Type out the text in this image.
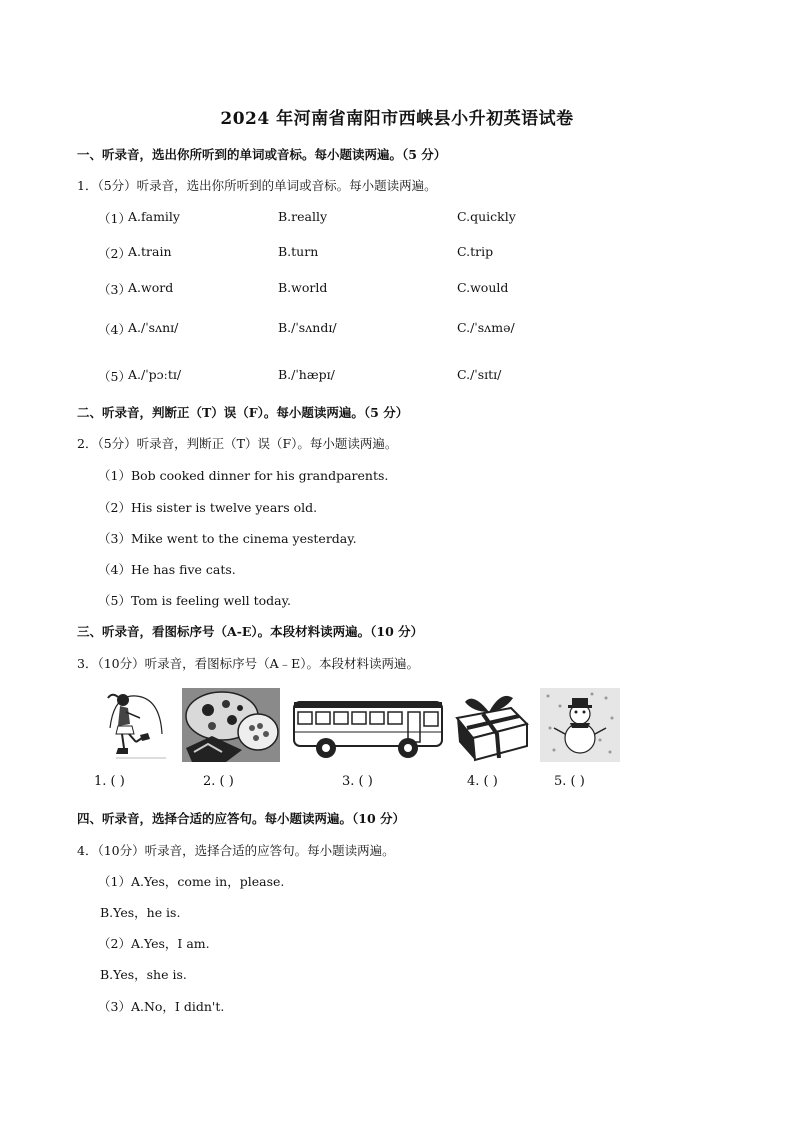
2024 年河南省南阳市西峡县小升初英语试卷
一、听录音，选出你所听到的单词或音标。每小题读两遍。（5 分）
1．（5分）听录音，选出你所听到的单词或音标。每小题读两遍。
（1）
A.family	B.really	C.quickly
（2）
A.train	B.turn	C.trip
（3）
A.word	B.world	C.would
（4）
A./ˈsʌnɪ/	B./ˈsʌndɪ/	C./ˈsʌmə/
（5）
A./ˈpɔːtɪ/	B./ˈhæpɪ/	C./ˈsɪtɪ/
二、听录音，判断正（T）误（F）。每小题读两遍。（5 分）
2．（5分）听录音，判断正（T）误（F）。每小题读两遍。
（1）Bob cooked dinner for his grandparents.
（2）His sister is twelve years old.
（3）Mike went to the cinema yesterday.
（4）He has five cats.
（5）Tom is feeling well today.
三、听录音，看图标序号（A-E）。本段材料读两遍。（10 分）
3．（10分）听录音，看图标序号（A﹣E）。本段材料读两遍。
1. ( )	2. ( )	3. ( )	4. ( )	5. ( )
四、听录音，选择合适的应答句。每小题读两遍。（10 分）
4．（10分）听录音，选择合适的应答句。每小题读两遍。
（1）A.Yes，come in，please.
B.Yes，he is.
（2）A.Yes，I am.
B.Yes，she is.
（3）A.No，I didn't.
